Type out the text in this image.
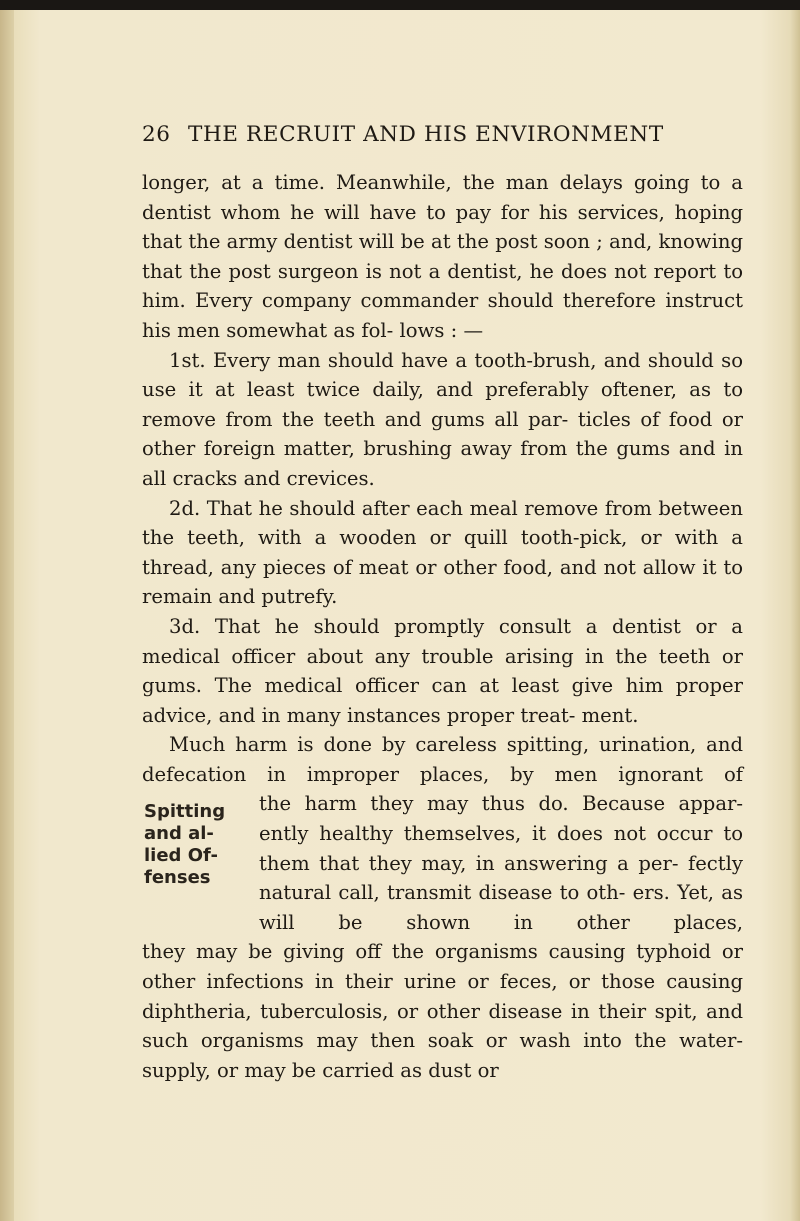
26 THE RECRUIT AND HIS ENVIRONMENT

longer, at a time. Meanwhile, the man delays going to a dentist whom he will have to pay for his services, hoping that the army dentist will be at the post soon ; and, knowing that the post surgeon is not a dentist, he does not report to him. Every company commander should therefore instruct his men somewhat as fol- lows : —

1st. Every man should have a tooth-brush, and should so use it at least twice daily, and preferably oftener, as to remove from the teeth and gums all par- ticles of food or other foreign matter, brushing away from the gums and in all cracks and crevices.

2d. That he should after each meal remove from between the teeth, with a wooden or quill tooth-pick, or with a thread, any pieces of meat or other food, and not allow it to remain and putrefy.

3d. That he should promptly consult a dentist or a medical officer about any trouble arising in the teeth or gums. The medical officer can at least give him proper advice, and in many instances proper treat- ment.

Much harm is done by careless spitting, urination, and defecation in improper places, by men ignorant of

Spitting
and al-
lied Of-
fenses

the harm they may thus do. Because appar- ently healthy themselves, it does not occur to them that they may, in answering a per- fectly natural call, transmit disease to oth- ers. Yet, as will be shown in other places,

they may be giving off the organisms causing typhoid or other infections in their urine or feces, or those causing diphtheria, tuberculosis, or other disease in their spit, and such organisms may then soak or wash into the water-supply, or may be carried as dust or
